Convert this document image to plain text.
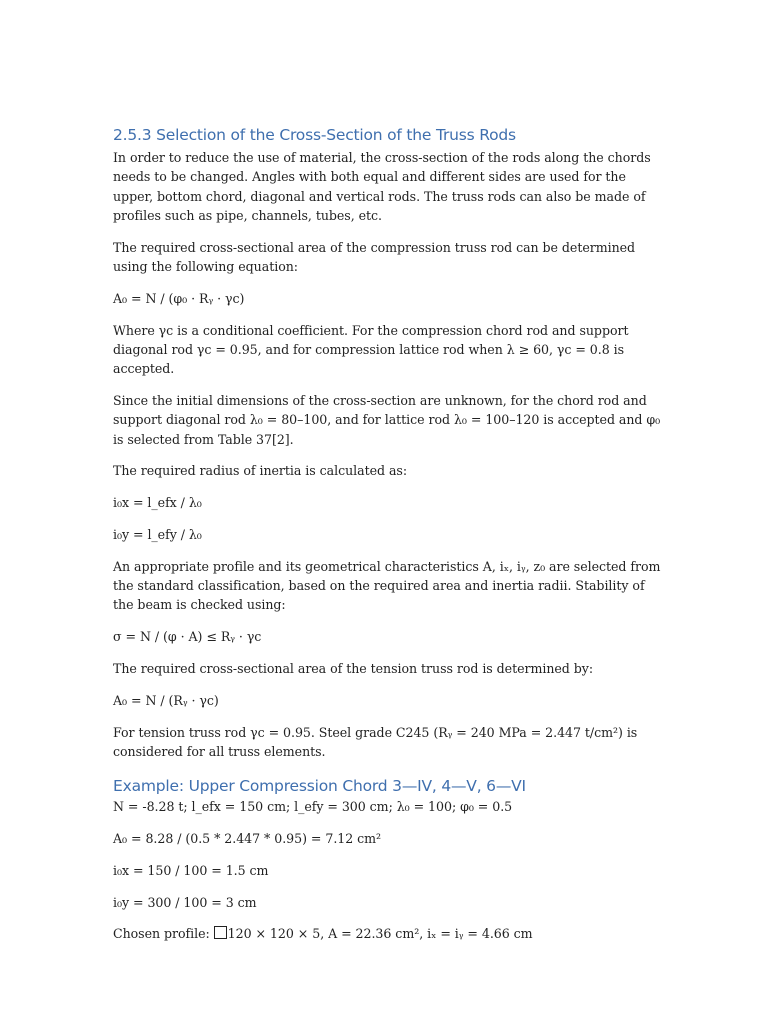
2.5.3 Selection of the Cross-Section of the Truss Rods

In order to reduce the use of material, the cross-section of the rods along the chords needs to be changed. Angles with both equal and different sides are used for the upper, bottom chord, diagonal and vertical rods. The truss rods can also be made of profiles such as pipe, channels, tubes, etc.

The required cross-sectional area of the compression truss rod can be determined using the following equation:

A₀ = N / (φ₀ · Rᵧ · γc)

Where γc is a conditional coefficient. For the compression chord rod and support diagonal rod γc = 0.95, and for compression lattice rod when λ ≥ 60, γc = 0.8 is accepted.

Since the initial dimensions of the cross-section are unknown, for the chord rod and support diagonal rod λ₀ = 80–100, and for lattice rod λ₀ = 100–120 is accepted and φ₀ is selected from Table 37[2].

The required radius of inertia is calculated as:

i₀x = l_efx / λ₀

i₀y = l_efy / λ₀

An appropriate profile and its geometrical characteristics A, iₓ, iᵧ, z₀ are selected from the standard classification, based on the required area and inertia radii. Stability of the beam is checked using:

σ = N / (φ · A) ≤ Rᵧ · γc

The required cross-sectional area of the tension truss rod is determined by:

A₀ = N / (Rᵧ · γc)

For tension truss rod γc = 0.95. Steel grade C245 (Rᵧ = 240 MPa = 2.447 t/cm²) is considered for all truss elements.

Example: Upper Compression Chord 3—IV, 4—V, 6—VI

N = -8.28 t; l_efx = 150 cm; l_efy = 300 cm; λ₀ = 100; φ₀ = 0.5

A₀ = 8.28 / (0.5 * 2.447 * 0.95) = 7.12 cm²

i₀x = 150 / 100 = 1.5 cm

i₀y = 300 / 100 = 3 cm

Chosen profile: 120 × 120 × 5, A = 22.36 cm², iₓ = iᵧ = 4.66 cm
